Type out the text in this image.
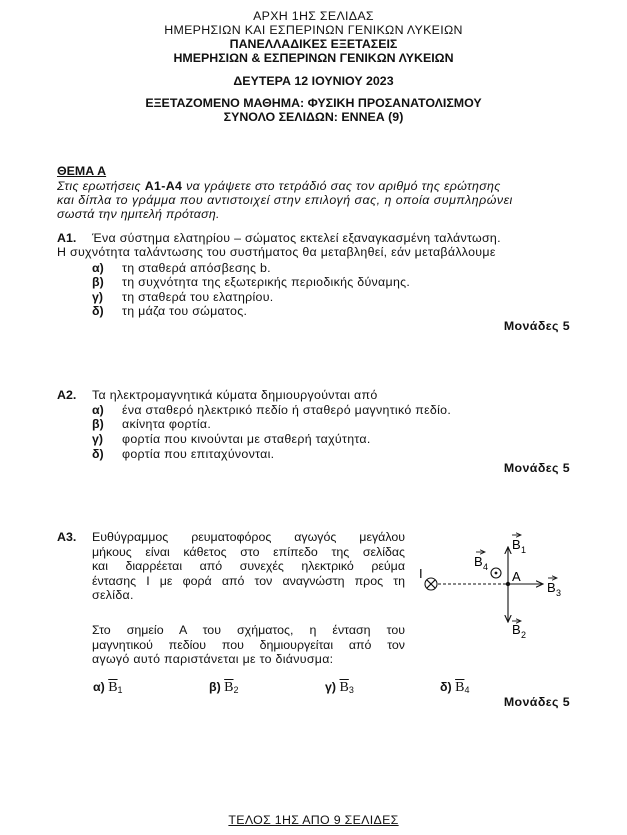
ΑΡΧΗ 1ΗΣ ΣΕΛΙΔΑΣ
ΗΜΕΡΗΣΙΩΝ ΚΑΙ ΕΣΠΕΡΙΝΩΝ ΓΕΝΙΚΩΝ ΛΥΚΕΙΩΝ
ΠΑΝΕΛΛΑΔΙΚΕΣ ΕΞΕΤΑΣΕΙΣ
ΗΜΕΡΗΣΙΩΝ & ΕΣΠΕΡΙΝΩΝ ΓΕΝΙΚΩΝ ΛΥΚΕΙΩΝ
ΔΕΥΤΕΡΑ 12 ΙΟΥΝΙΟΥ 2023
ΕΞΕΤΑΖΟΜΕΝΟ ΜΑΘΗΜΑ: ΦΥΣΙΚΗ ΠΡΟΣΑΝΑΤΟΛΙΣΜΟΥ
ΣΥΝΟΛΟ ΣΕΛΙΔΩΝ: ΕΝΝΕΑ (9)
ΘΕΜΑ Α
Στις ερωτήσεις Α1-Α4 να γράψετε στο τετράδιό σας τον αριθμό της ερώτησης
και δίπλα το γράμμα που αντιστοιχεί στην επιλογή σας, η οποία συμπληρώνει
σωστά την ημιτελή πρόταση.
Α1. Ένα σύστημα ελατηρίου – σώματος εκτελεί εξαναγκασμένη ταλάντωση.
Η συχνότητα ταλάντωσης του συστήματος θα μεταβληθεί, εάν μεταβάλλουμε
α) τη σταθερά απόσβεσης b.
β) τη συχνότητα της εξωτερικής περιοδικής δύναμης.
γ) τη σταθερά του ελατηρίου.
δ) τη μάζα του σώματος.
Μονάδες 5
Α2. Τα ηλεκτρομαγνητικά κύματα δημιουργούνται από
α) ένα σταθερό ηλεκτρικό πεδίο ή σταθερό μαγνητικό πεδίο.
β) ακίνητα φορτία.
γ) φορτία που κινούνται με σταθερή ταχύτητα.
δ) φορτία που επιταχύνονται.
Μονάδες 5
Α3. Ευθύγραμμος ρευματοφόρος αγωγός μεγάλου
μήκους είναι κάθετος στο επίπεδο της σελίδας
και διαρρέεται από συνεχές ηλεκτρικό ρεύμα
έντασης Ι με φορά από τον αναγνώστη προς τη
σελίδα.
Στο σημείο Α του σχήματος, η ένταση του
μαγνητικού πεδίου που δημιουργείται από τον
αγωγό αυτό παριστάνεται με το διάνυσμα:
I	A
B 1
B 2
B 3
B 4
α) $\overline{B}_1$	β) $\overline{B}_2$	γ) $\overline{B}_3$	δ) $\overline{B}_4$
Μονάδες 5
ΤΕΛΟΣ 1ΗΣ ΑΠΟ 9 ΣΕΛΙΔΕΣ
